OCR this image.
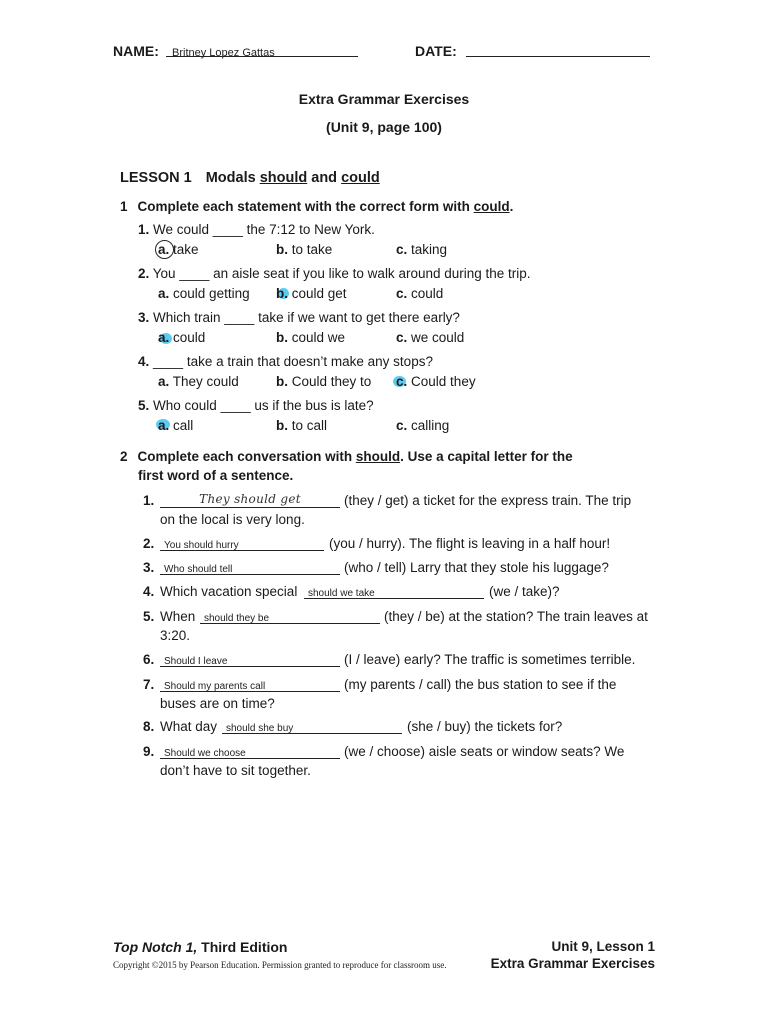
NAME: Britney Lopez Gattas	DATE:
Extra Grammar Exercises
(Unit 9, page 100)
LESSON 1 Modals should and could
1 Complete each statement with the correct form with could.
1. We could ____ the 7:12 to New York.
a. take	b. to take	c. taking
2. You ____ an aisle seat if you like to walk around during the trip.
a. could getting b. could get	c. could
3. Which train ____ take if we want to get there early?
a. could	b. could we	c. we could
4. ____ take a train that doesn’t make any stops?
a. They could	b. Could they to c. Could they
5. Who could ____ us if the bus is late?
a. call	b. to call	c. calling
2 Complete each conversation with should. Use a capital letter for the
first word of a sentence.
1.	They should get	(they / get) a ticket for the express train. The trip
on the local is very long.
2. You should hurry	(you / hurry). The flight is leaving in a half hour!
3. Who should tell	(who / tell) Larry that they stole his luggage?
4. Which vacation special should we take	(we / take)?
5. When should they be	(they / be) at the station? The train leaves at
3:20.
6. Should I leave	(I / leave) early? The traffic is sometimes terrible.
7. Should my parents call	(my parents / call) the bus station to see if the
buses are on time?
8. What day should she buy	(she / buy) the tickets for?
9. Should we choose	(we / choose) aisle seats or window seats? We
don’t have to sit together.
Top Notch 1, Third Edition
Copyright ©2015 by Pearson Education. Permission granted to reproduce for classroom use.
Unit 9, Lesson 1
Extra Grammar Exercises
